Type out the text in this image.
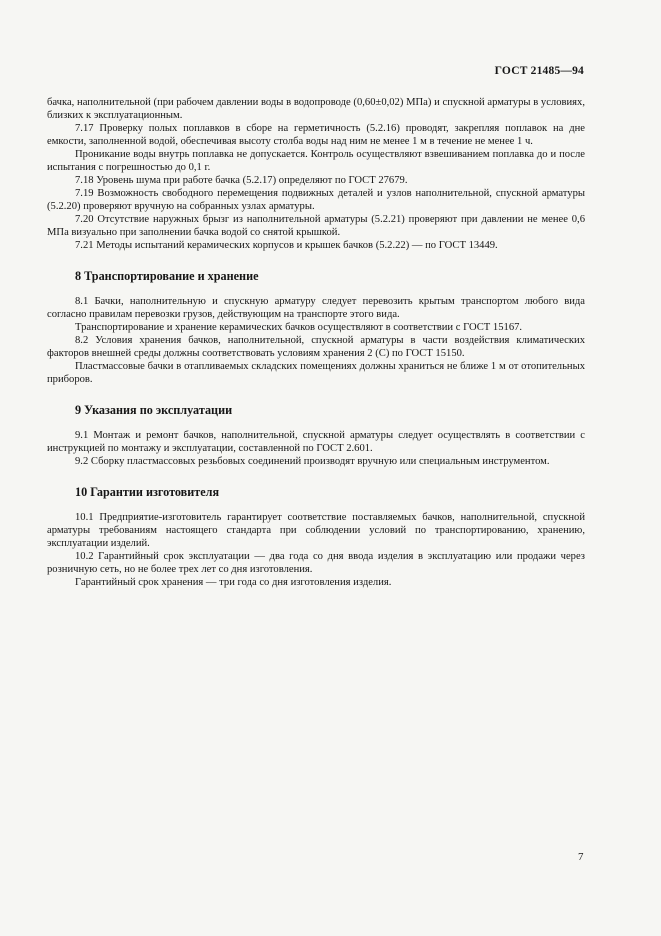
ГОСТ 21485—94

бачка, наполнительной (при рабочем давлении воды в водопроводе (0,60±0,02) МПа) и спускной арматуры в условиях, близких к эксплуатационным.

7.17 Проверку полых поплавков в сборе на герметичность (5.2.16) проводят, закрепляя поплавок на дне емкости, заполненной водой, обеспечивая высоту столба воды над ним не менее 1 м в течение не менее 1 ч.

Проникание воды внутрь поплавка не допускается. Контроль осуществляют взвешиванием поплавка до и после испытания с погрешностью до 0,1 г.

7.18 Уровень шума при работе бачка (5.2.17) определяют по ГОСТ 27679.

7.19 Возможность свободного перемещения подвижных деталей и узлов наполнительной, спускной арматуры (5.2.20) проверяют вручную на собранных узлах арматуры.

7.20 Отсутствие наружных брызг из наполнительной арматуры (5.2.21) проверяют при давлении не менее 0,6 МПа визуально при заполнении бачка водой со снятой крышкой.

7.21 Методы испытаний керамических корпусов и крышек бачков (5.2.22) — по ГОСТ 13449.

8 Транспортирование и хранение

8.1 Бачки, наполнительную и спускную арматуру следует перевозить крытым транспортом любого вида согласно правилам перевозки грузов, действующим на транспорте этого вида.

Транспортирование и хранение керамических бачков осуществляют в соответствии с ГОСТ 15167.

8.2 Условия хранения бачков, наполнительной, спускной арматуры в части воздействия климатических факторов внешней среды должны соответствовать условиям хранения 2 (С) по ГОСТ 15150.

Пластмассовые бачки в отапливаемых складских помещениях должны храниться не ближе 1 м от отопительных приборов.

9 Указания по эксплуатации

9.1 Монтаж и ремонт бачков, наполнительной, спускной арматуры следует осуществлять в соответствии с инструкцией по монтажу и эксплуатации, составленной по ГОСТ 2.601.

9.2 Сборку пластмассовых резьбовых соединений производят вручную или специальным инструментом.

10 Гарантии изготовителя

10.1 Предприятие-изготовитель гарантирует соответствие поставляемых бачков, наполнительной, спускной арматуры требованиям настоящего стандарта при соблюдении условий по транспортированию, хранению, эксплуатации изделий.

10.2 Гарантийный срок эксплуатации — два года со дня ввода изделия в эксплуатацию или продажи через розничную сеть, но не более трех лет со дня изготовления.

Гарантийный срок хранения — три года со дня изготовления изделия.

7
